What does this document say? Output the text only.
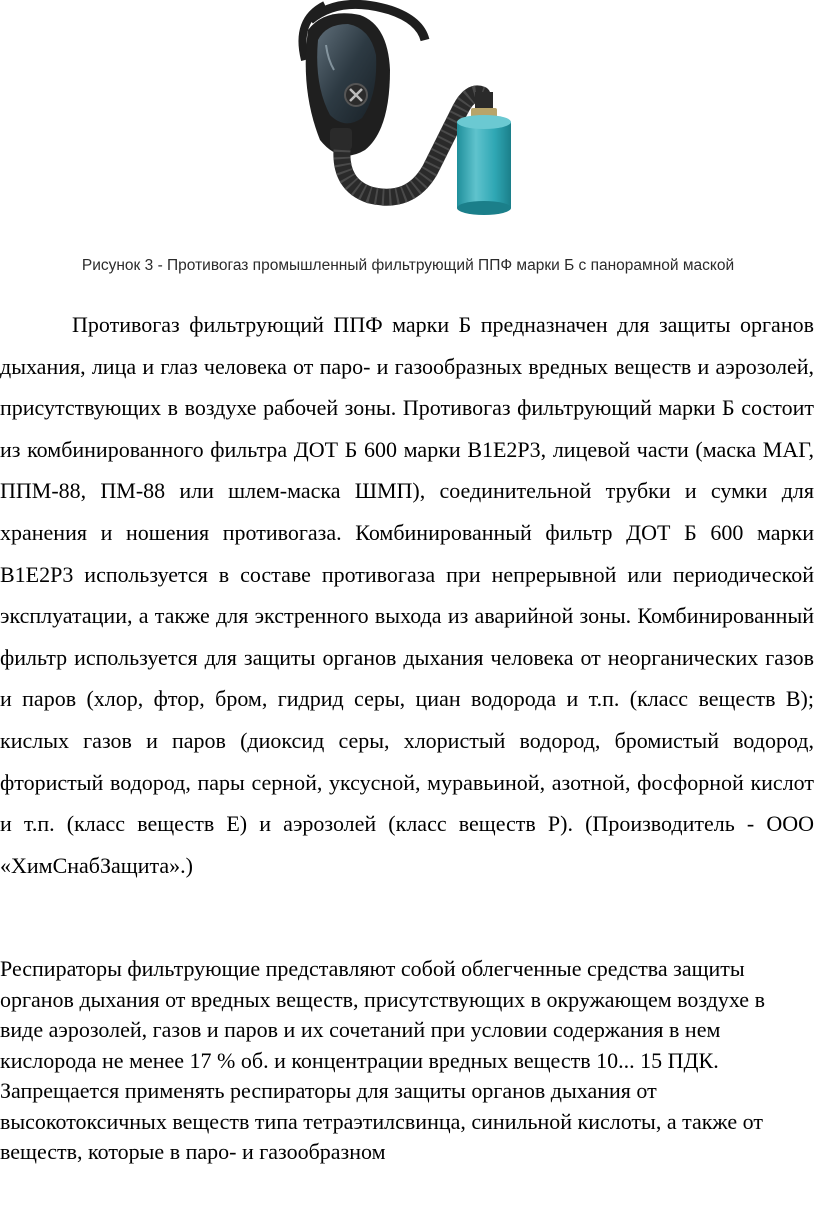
Рисунок 3 - Противогаз промышленный фильтрующий ППФ марки Б с панорамной маской

Противогаз фильтрующий ППФ марки Б предназначен для защиты органов дыхания, лица и глаз человека от паро- и газообразных вредных веществ и аэрозолей, присутствующих в воздухе рабочей зоны. Противогаз фильтрующий марки Б состоит из комбинированного фильтра ДОТ Б 600 марки В1Е2Р3, лицевой части (маска МАГ, ППМ-88, ПМ-88 или шлем-маска ШМП), соединительной трубки и сумки для хранения и ношения противогаза. Комбинированный фильтр ДОТ Б 600 марки В1Е2Р3 используется в составе противогаза при непрерывной или периодической эксплуатации, а также для экстренного выхода из аварийной зоны. Комбинированный фильтр используется для защиты органов дыхания человека от неорганических газов и паров (хлор, фтор, бром, гидрид серы, циан водорода и т.п. (класс веществ В); кислых газов и паров (диоксид серы, хлористый водород, бромистый водород, фтористый водород, пары серной, уксусной, муравьиной, азотной, фосфорной кислот и т.п. (класс веществ Е) и аэрозолей (класс веществ Р). (Производитель - ООО «ХимСнабЗащита».)

Респираторы фильтрующие представляют собой облегченные средства защиты органов дыхания от вредных веществ, присутствующих в окружающем воздухе в виде аэрозолей, газов и паров и их сочетаний при условии содержания в нем кислорода не менее 17 % об. и концентрации вредных веществ 10... 15 ПДК. Запрещается применять респираторы для защиты органов дыхания от высокотоксичных веществ типа тетраэтилсвинца, синильной кислоты, а также от веществ, которые в паро- и газообразном
